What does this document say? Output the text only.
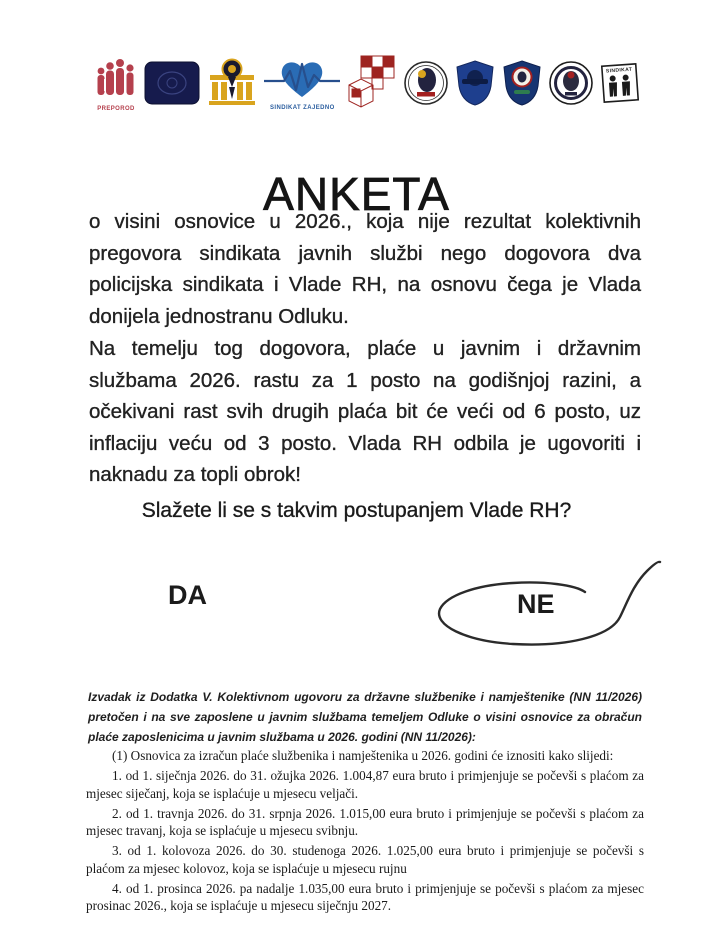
PREPOROD	SINDIKAT ZAJEDNO
SINDIKAT
ANKETA

o visini osnovice u 2026., koja nije rezultat kolektivnih pregovora sindikata javnih službi nego dogovora dva policijska sindikata i Vlade RH, na osnovu čega je Vlada donijela jednostranu Odluku.

Na temelju tog dogovora, plaće u javnim i državnim službama 2026. rastu za 1 posto na godišnjoj razini, a očekivani rast svih drugih plaća bit će veći od 6 posto, uz inflaciju veću od 3 posto. Vlada RH odbila je ugovoriti i naknadu za topli obrok!

Slažete li se s takvim postupanjem Vlade RH?
DA	NE

Izvadak iz Dodatka V. Kolektivnom ugovoru za državne službenike i namještenike (NN 11/2026) pretočen i na sve zaposlene u javnim službama temeljem Odluke o visini osnovice za obračun plaće zaposlenicima u javnim službama u 2026. godini (NN 11/2026):

(1) Osnovica za izračun plaće službenika i namještenika u 2026. godini će iznositi kako slijedi:

1. od 1. siječnja 2026. do 31. ožujka 2026. 1.004,87 eura bruto i primjenjuje se počevši s plaćom za mjesec siječanj, koja se isplaćuje u mjesecu veljači.

2. od 1. travnja 2026. do 31. srpnja 2026. 1.015,00 eura bruto i primjenjuje se počevši s plaćom za mjesec travanj, koja se isplaćuje u mjesecu svibnju.

3. od 1. kolovoza 2026. do 30. studenoga 2026. 1.025,00 eura bruto i primjenjuje se počevši s plaćom za mjesec kolovoz, koja se isplaćuje u mjesecu rujnu

4. od 1. prosinca 2026. pa nadalje 1.035,00 eura bruto i primjenjuje se počevši s plaćom za mjesec prosinac 2026., koja se isplaćuje u mjesecu siječnju 2027.
